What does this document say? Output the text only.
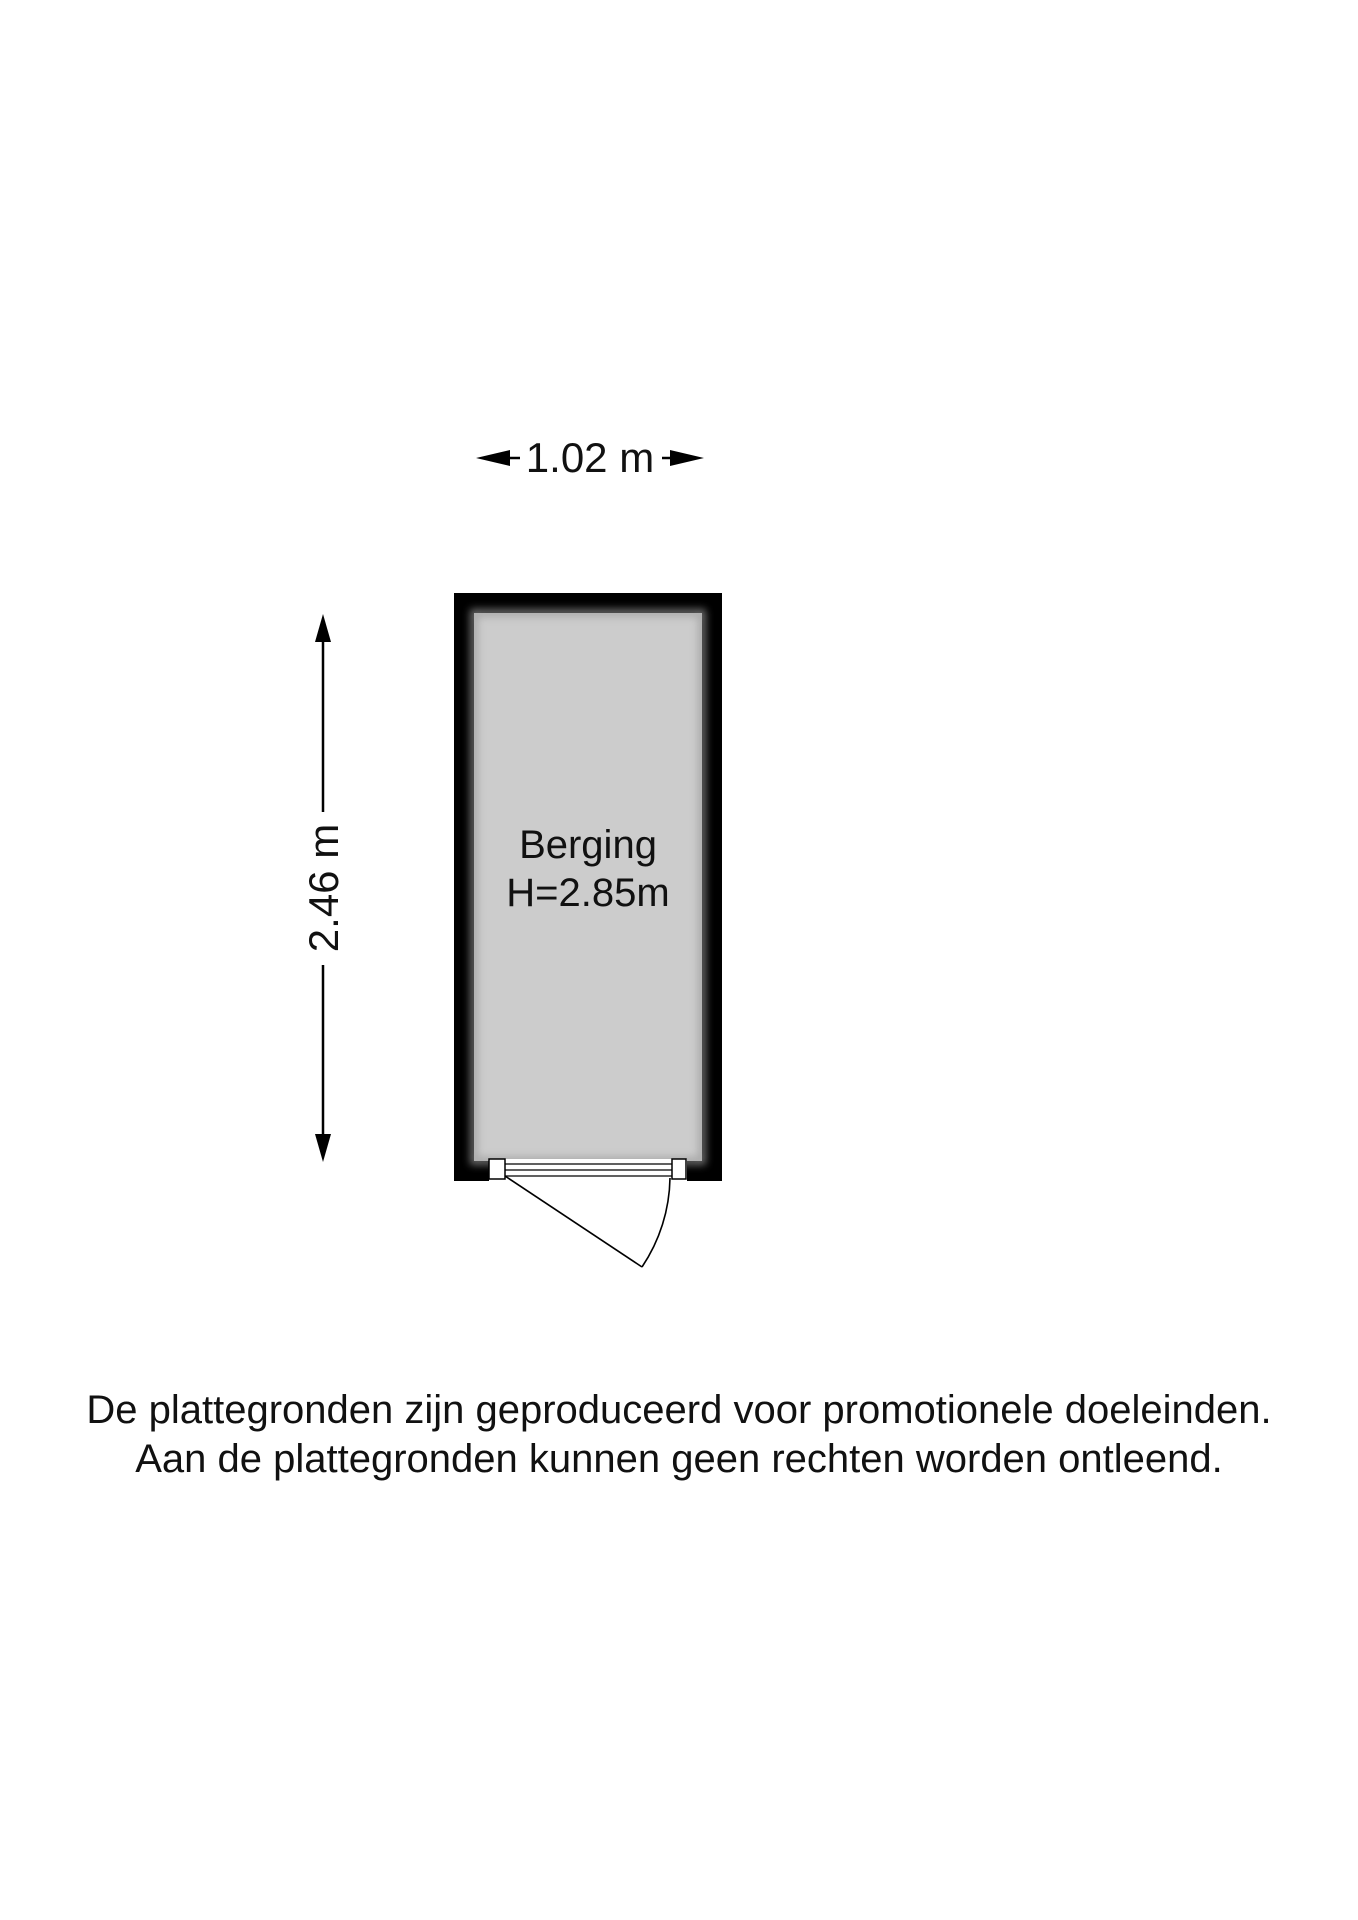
1.02 m
2.46 m	Berging
H=2.85m

De plattegronden zijn geproduceerd voor promotionele doeleinden.

Aan de plattegronden kunnen geen rechten worden ontleend.
